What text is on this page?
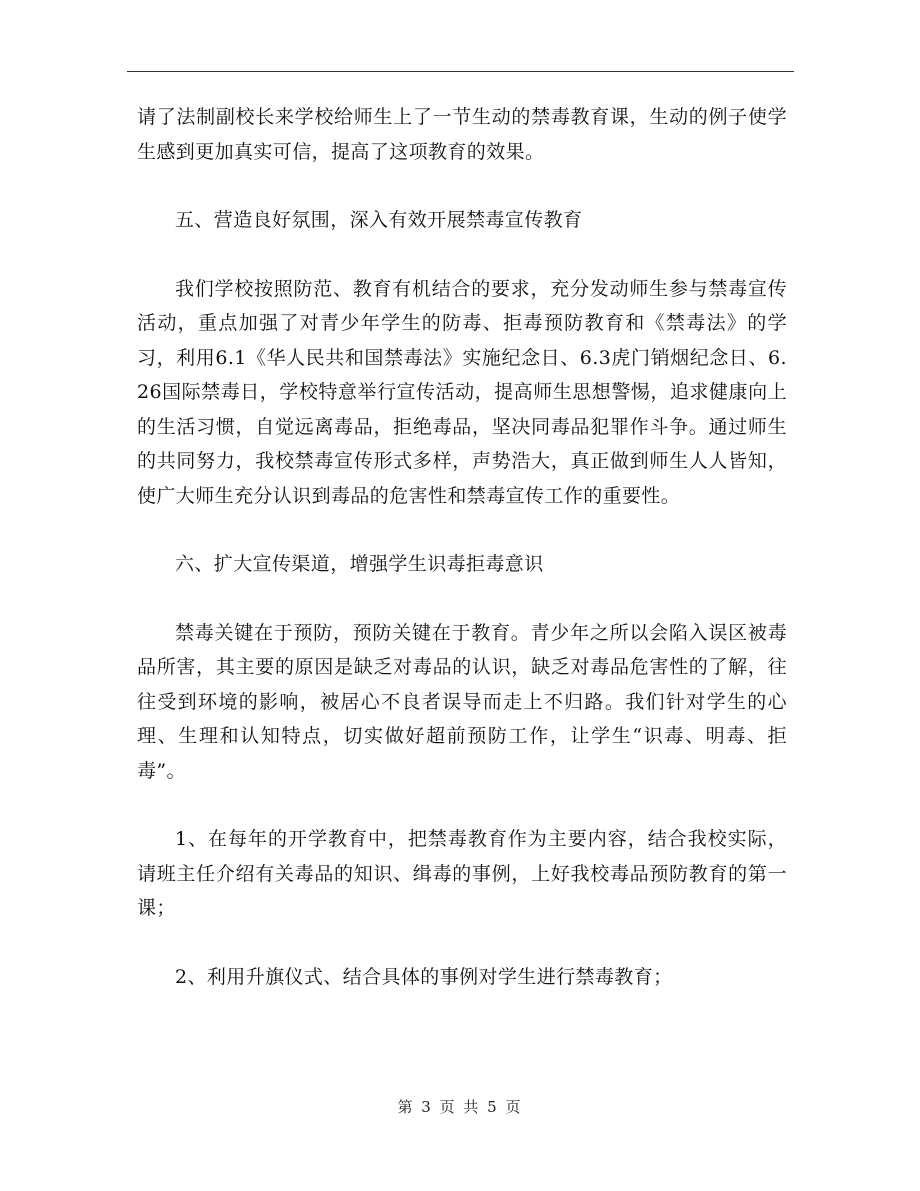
请了法制副校长来学校给师生上了一节生动的禁毒教育课，生动的例子使学生感到更加真实可信，提高了这项教育的效果。

五、营造良好氛围，深入有效开展禁毒宣传教育

我们学校按照防范、教育有机结合的要求，充分发动师生参与禁毒宣传活动，重点加强了对青少年学生的防毒、拒毒预防教育和《禁毒法》的学习，利用6.1《华人民共和国禁毒法》实施纪念日、6.3虎门销烟纪念日、6.26国际禁毒日，学校特意举行宣传活动，提高师生思想警惕，追求健康向上的生活习惯，自觉远离毒品，拒绝毒品，坚决同毒品犯罪作斗争。通过师生的共同努力，我校禁毒宣传形式多样，声势浩大，真正做到师生人人皆知，使广大师生充分认识到毒品的危害性和禁毒宣传工作的重要性。

六、扩大宣传渠道，增强学生识毒拒毒意识

禁毒关键在于预防，预防关键在于教育。青少年之所以会陷入误区被毒品所害，其主要的原因是缺乏对毒品的认识，缺乏对毒品危害性的了解，往往受到环境的影响，被居心不良者误导而走上不归路。我们针对学生的心理、生理和认知特点，切实做好超前预防工作，让学生“识毒、明毒、拒毒”。

1、在每年的开学教育中，把禁毒教育作为主要内容，结合我校实际，请班主任介绍有关毒品的知识、缉毒的事例，上好我校毒品预防教育的第一课；

2、利用升旗仪式、结合具体的事例对学生进行禁毒教育；

第 3 页 共 5 页
